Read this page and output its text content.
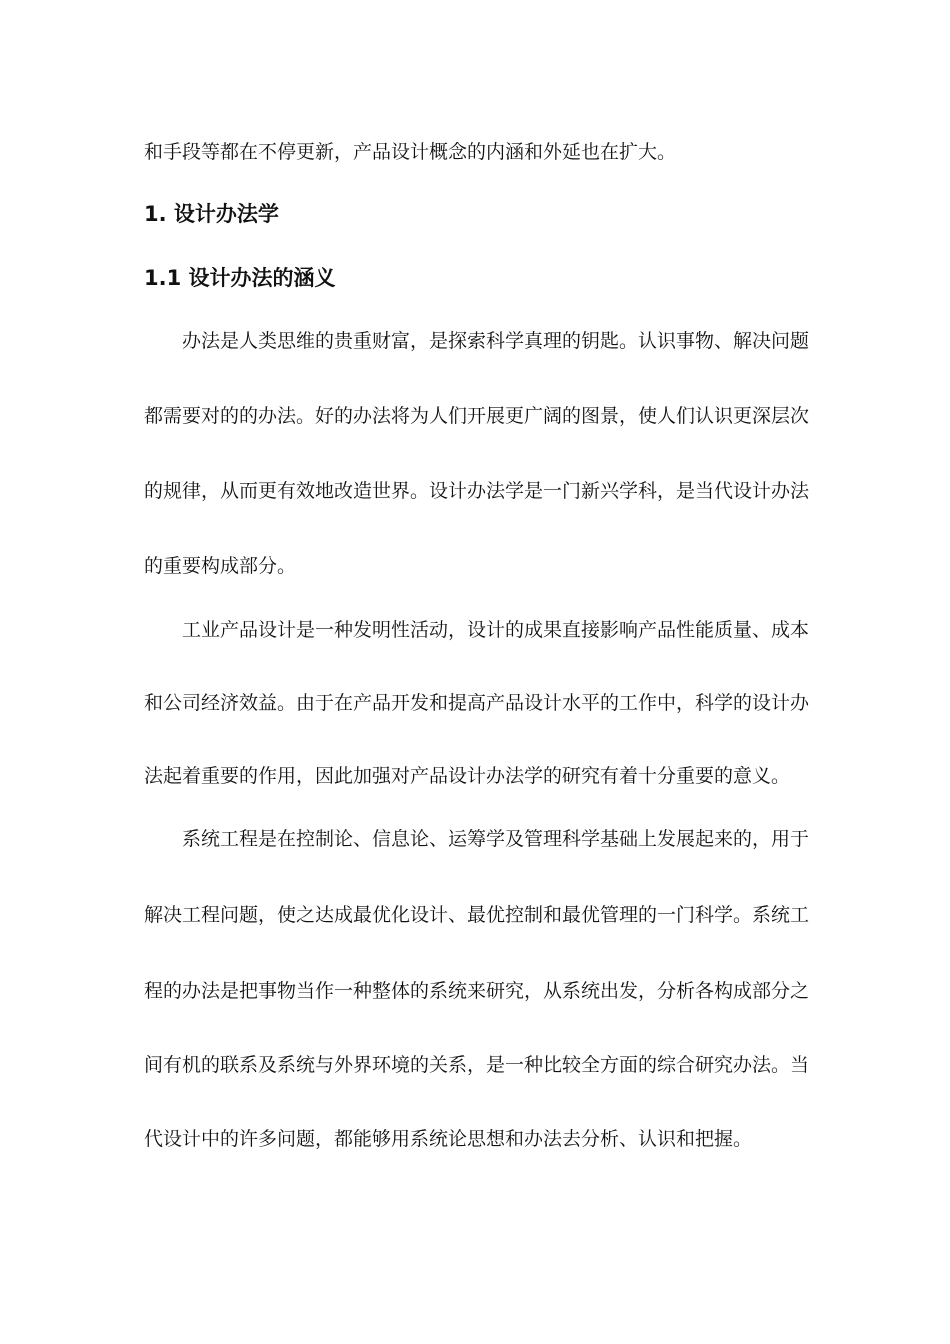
和手段等都在不停更新，产品设计概念的内涵和外延也在扩大。
1. 设计办法学
1.1 设计办法的涵义
办法是人类思维的贵重财富，是探索科学真理的钥匙。认识事物、解决问题
都需要对的的办法。好的办法将为人们开展更广阔的图景，使人们认识更深层次
的规律，从而更有效地改造世界。设计办法学是一门新兴学科，是当代设计办法
的重要构成部分。
工业产品设计是一种发明性活动，设计的成果直接影响产品性能质量、成本
和公司经济效益。由于在产品开发和提高产品设计水平的工作中，科学的设计办
法起着重要的作用，因此加强对产品设计办法学的研究有着十分重要的意义。
系统工程是在控制论、信息论、运筹学及管理科学基础上发展起来的，用于
解决工程问题，使之达成最优化设计、最优控制和最优管理的一门科学。系统工
程的办法是把事物当作一种整体的系统来研究，从系统出发，分析各构成部分之
间有机的联系及系统与外界环境的关系，是一种比较全方面的综合研究办法。当
代设计中的许多问题，都能够用系统论思想和办法去分析、认识和把握。
